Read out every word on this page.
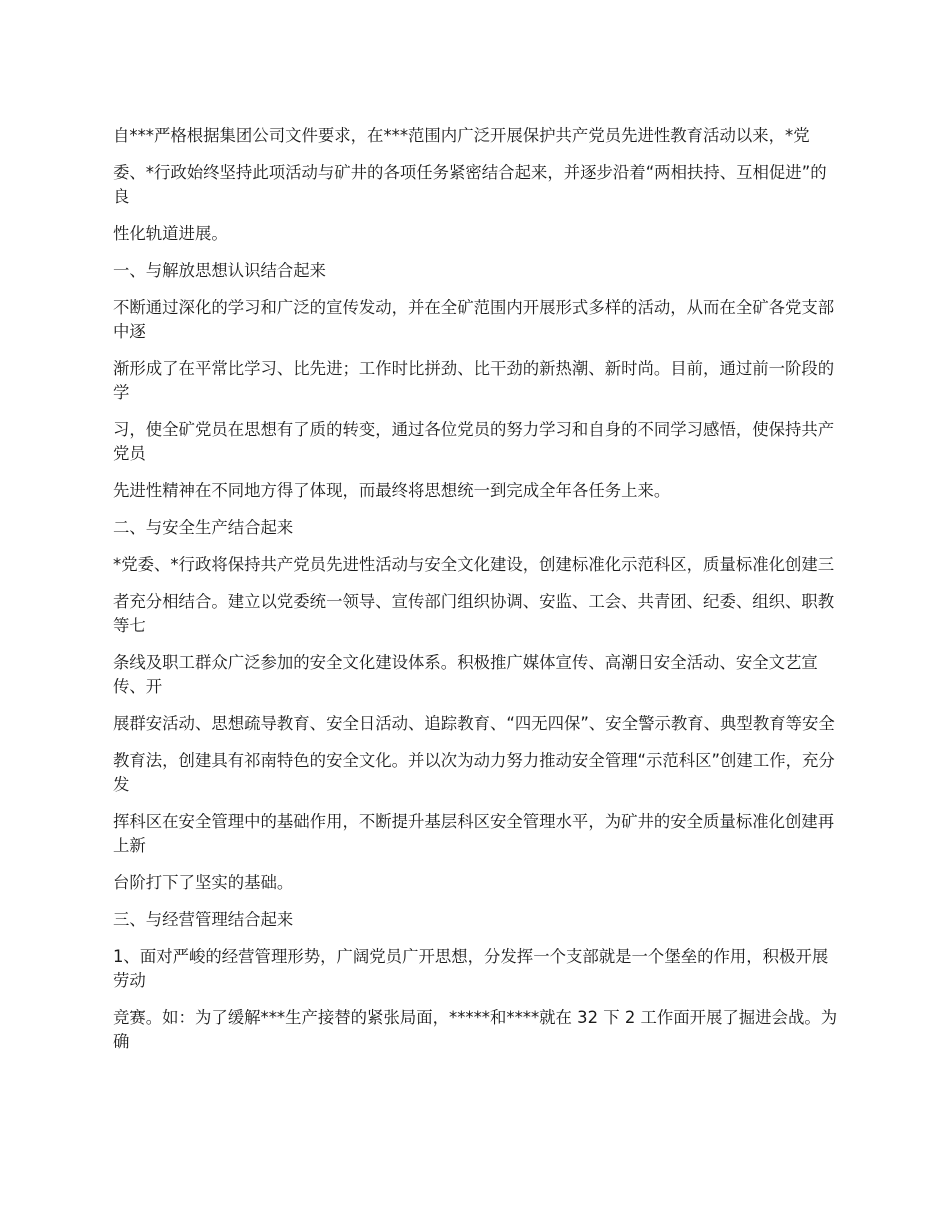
自***严格根据集团公司文件要求，在***范围内广泛开展保护共产党员先进性教育活动以来，*党

委、*行政始终坚持此项活动与矿井的各项任务紧密结合起来，并逐步沿着“两相扶持、互相促进”的良

性化轨道进展。

一、与解放思想认识结合起来

不断通过深化的学习和广泛的宣传发动，并在全矿范围内开展形式多样的活动，从而在全矿各党支部中逐

渐形成了在平常比学习、比先进；工作时比拼劲、比干劲的新热潮、新时尚。目前，通过前一阶段的学

习，使全矿党员在思想有了质的转变，通过各位党员的努力学习和自身的不同学习感悟，使保持共产党员

先进性精神在不同地方得了体现，而最终将思想统一到完成全年各任务上来。

二、与安全生产结合起来

*党委、*行政将保持共产党员先进性活动与安全文化建设，创建标准化示范科区，质量标准化创建三

者充分相结合。建立以党委统一领导、宣传部门组织协调、安监、工会、共青团、纪委、组织、职教等七

条线及职工群众广泛参加的安全文化建设体系。积极推广媒体宣传、高潮日安全活动、安全文艺宣传、开

展群安活动、思想疏导教育、安全日活动、追踪教育、“四无四保”、安全警示教育、典型教育等安全

教育法，创建具有祁南特色的安全文化。并以次为动力努力推动安全管理“示范科区”创建工作，充分发

挥科区在安全管理中的基础作用，不断提升基层科区安全管理水平，为矿井的安全质量标准化创建再上新

台阶打下了坚实的基础。

三、与经营管理结合起来

1、面对严峻的经营管理形势，广阔党员广开思想，分发挥一个支部就是一个堡垒的作用，积极开展劳动

竞赛。如：为了缓解***生产接替的紧张局面，*****和****就在 32 下 2 工作面开展了掘进会战。为确
